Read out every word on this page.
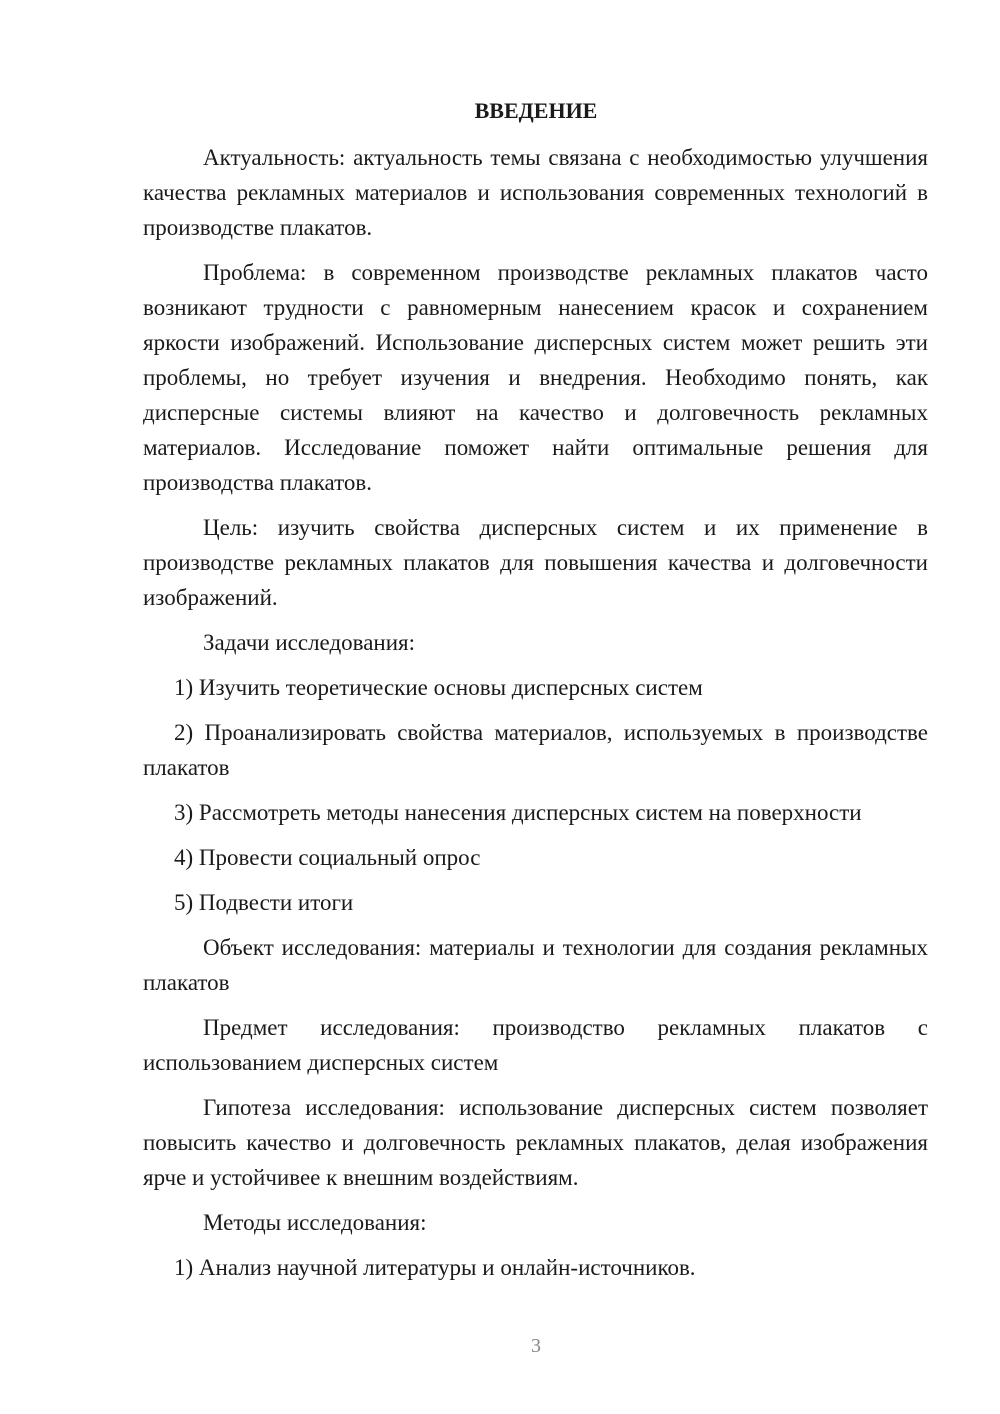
ВВЕДЕНИЕ

Актуальность: актуальность темы связана с необходимостью улучшения качества рекламных материалов и использования современных технологий в производстве плакатов.

Проблема: в современном производстве рекламных плакатов часто возникают трудности с равномерным нанесением красок и сохранением яркости изображений. Использование дисперсных систем может решить эти проблемы, но требует изучения и внедрения. Необходимо понять, как дисперсные системы влияют на качество и долговечность рекламных материалов. Исследование поможет найти оптимальные решения для производства плакатов.

Цель: изучить свойства дисперсных систем и их применение в производстве рекламных плакатов для повышения качества и долговечности изображений.

Задачи исследования:

1) Изучить теоретические основы дисперсных систем

2) Проанализировать свойства материалов, используемых в производстве плакатов

3) Рассмотреть методы нанесения дисперсных систем на поверхности

4) Провести социальный опрос

5) Подвести итоги

Объект исследования: материалы и технологии для создания рекламных плакатов

Предмет исследования: производство рекламных плакатов с использованием дисперсных систем

Гипотеза исследования: использование дисперсных систем позволяет повысить качество и долговечность рекламных плакатов, делая изображения ярче и устойчивее к внешним воздействиям.

Методы исследования:

1) Анализ научной литературы и онлайн-источников.

3
